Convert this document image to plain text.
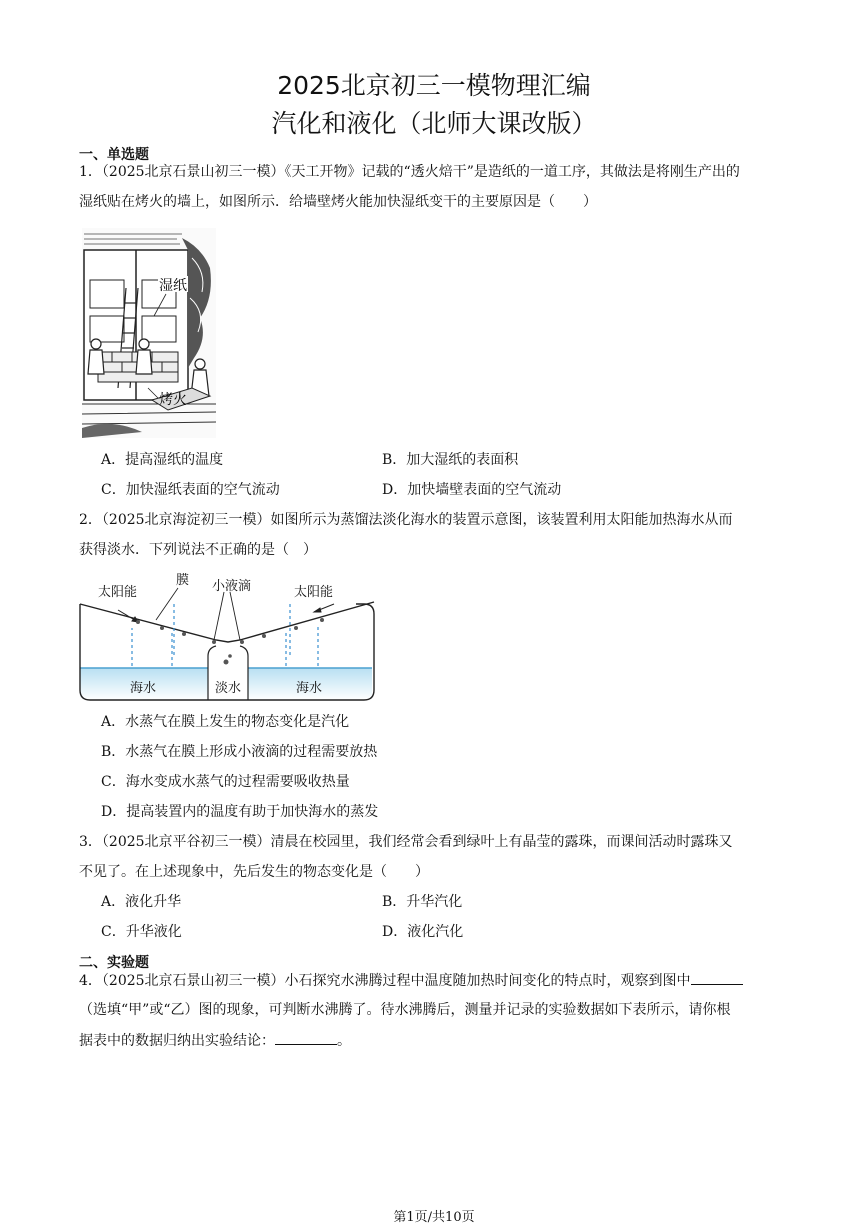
2025北京初三一模物理汇编
汽化和液化（北师大课改版）
一、单选题
1．（2025北京石景山初三一模）《天工开物》记载的“透火焙干”是造纸的一道工序，其做法是将刚生产出的
湿纸贴在烤火的墙上，如图所示．给墙壁烤火能加快湿纸变干的主要原因是（　　）
湿纸
烤火
A．提高湿纸的温度	B．加大湿纸的表面积
C．加快湿纸表面的空气流动	D．加快墙壁表面的空气流动
2．（2025北京海淀初三一模）如图所示为蒸馏法淡化海水的装置示意图，该装置利用太阳能加热海水从而
获得淡水．下列说法不正确的是（　）
太阳能
膜 小液滴	太阳能
海水	淡水	海水
A．水蒸气在膜上发生的物态变化是汽化
B．水蒸气在膜上形成小液滴的过程需要放热
C．海水变成水蒸气的过程需要吸收热量
D．提高装置内的温度有助于加快海水的蒸发
3．（2025北京平谷初三一模）清晨在校园里，我们经常会看到绿叶上有晶莹的露珠，而课间活动时露珠又
不见了。在上述现象中，先后发生的物态变化是（　　）
A．液化升华	B．升华汽化
C．升华液化	D．液化汽化
二、实验题
4．（2025北京石景山初三一模）小石探究水沸腾过程中温度随加热时间变化的特点时，观察到图中
（选填“甲”或“乙）图的现象，可判断水沸腾了。待水沸腾后，测量并记录的实验数据如下表所示，请你根
据表中的数据归纳出实验结论：	。
第1页/共10页
